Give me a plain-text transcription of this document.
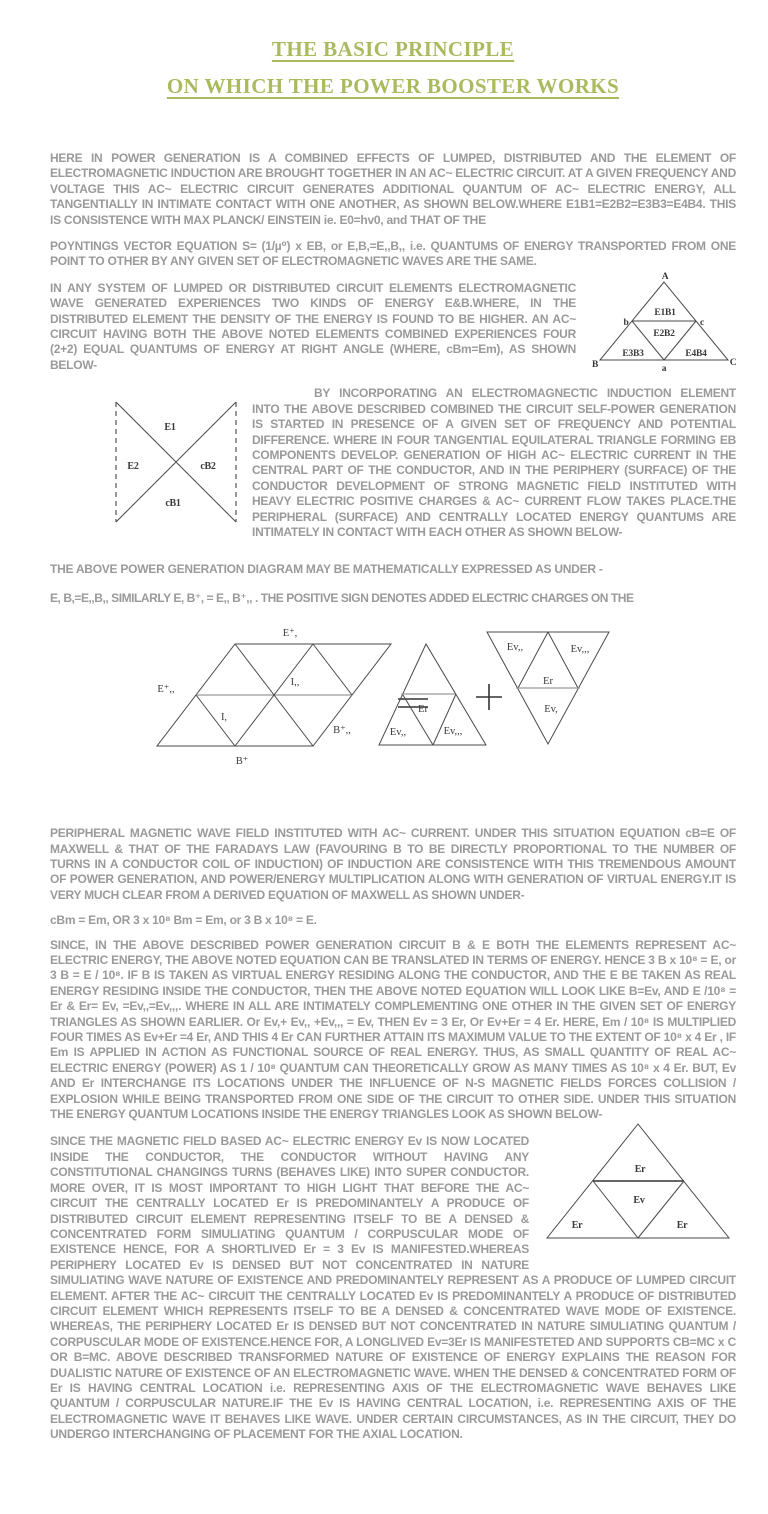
THE BASIC PRINCIPLE
ON WHICH THE POWER BOOSTER WORKS

HERE IN POWER GENERATION IS A COMBINED EFFECTS OF LUMPED, DISTRIBUTED AND THE ELEMENT OF ELECTROMAGNETIC INDUCTION ARE BROUGHT TOGETHER IN AN AC~ ELECTRIC CIRCUIT. AT A GIVEN FREQUENCY AND VOLTAGE THIS AC~ ELECTRIC CIRCUIT GENERATES ADDITIONAL QUANTUM OF AC~ ELECTRIC ENERGY, ALL TANGENTIALLY IN INTIMATE CONTACT WITH ONE ANOTHER, AS SHOWN BELOW.WHERE E1B1=E2B2=E3B3=E4B4. THIS IS CONSISTENCE WITH MAX PLANCK/ EINSTEIN ie. E0=hv0, and THAT OF THE

POYNTINGS VECTOR EQUATION S= (1/µ⁰) x EB, or E,B,=E,,B,, i.e. QUANTUMS OF ENERGY TRANSPORTED FROM ONE POINT TO OTHER BY ANY GIVEN SET OF ELECTROMAGNETIC WAVES ARE THE SAME.

A
B	C
b	c
a
E1B1
E2B2
E3B3	E4B4
IN ANY SYSTEM OF LUMPED OR DISTRIBUTED CIRCUIT ELEMENTS ELECTROMAGNETIC WAVE GENERATED EXPERIENCES TWO KINDS OF ENERGY E&B.WHERE, IN THE DISTRIBUTED ELEMENT THE DENSITY OF THE ENERGY IS FOUND TO BE HIGHER. AN AC~ CIRCUIT HAVING BOTH THE ABOVE NOTED ELEMENTS COMBINED EXPERIENCES FOUR (2+2) EQUAL QUANTUMS OF ENERGY AT RIGHT ANGLE (WHERE, cBm=Em), AS SHOWN BELOW-

E1
E2	cB2
cB1
BY INCORPORATING AN ELECTROMAGNECTIC INDUCTION ELEMENT INTO THE ABOVE DESCRIBED COMBINED THE CIRCUIT SELF-POWER GENERATION IS STARTED IN PRESENCE OF A GIVEN SET OF FREQUENCY AND POTENTIAL DIFFERENCE. WHERE IN FOUR TANGENTIAL EQUILATERAL TRIANGLE FORMING EB COMPONENTS DEVELOP. GENERATION OF HIGH AC~ ELECTRIC CURRENT IN THE CENTRAL PART OF THE CONDUCTOR, AND IN THE PERIPHERY (SURFACE) OF THE CONDUCTOR DEVELOPMENT OF STRONG MAGNETIC FIELD INSTITUTED WITH HEAVY ELECTRIC POSITIVE CHARGES & AC~ CURRENT FLOW TAKES PLACE.THE PERIPHERAL (SURFACE) AND CENTRALLY LOCATED ENERGY QUANTUMS ARE INTIMATELY IN CONTACT WITH EACH OTHER AS SHOWN BELOW-

THE ABOVE POWER GENERATION DIAGRAM MAY BE MATHEMATICALLY EXPRESSED AS UNDER -

E, B,=E,,B,, SIMILARLY E, B⁺, = E,, B⁺,, . THE POSITIVE SIGN DENOTES ADDED ELECTRIC CHARGES ON THE

E⁺,
E⁺,,
I,,
I,
B⁺
B⁺,,
Er
Ev,,	Ev,,,
Ev,,	Ev,,,
Er
Ev,

PERIPHERAL MAGNETIC WAVE FIELD INSTITUTED WITH AC~ CURRENT. UNDER THIS SITUATION EQUATION cB=E OF MAXWELL & THAT OF THE FARADAYS LAW (FAVOURING B TO BE DIRECTLY PROPORTIONAL TO THE NUMBER OF TURNS IN A CONDUCTOR COIL OF INDUCTION) OF INDUCTION ARE CONSISTENCE WITH THIS TREMENDOUS AMOUNT OF POWER GENERATION, AND POWER/ENERGY MULTIPLICATION ALONG WITH GENERATION OF VIRTUAL ENERGY.IT IS VERY MUCH CLEAR FROM A DERIVED EQUATION OF MAXWELL AS SHOWN UNDER-

cBm = Em, OR 3 x 10⁸ Bm = Em, or 3 B x 10⁸ = E.

SINCE, IN THE ABOVE DESCRIBED POWER GENERATION CIRCUIT B & E BOTH THE ELEMENTS REPRESENT AC~ ELECTRIC ENERGY, THE ABOVE NOTED EQUATION CAN BE TRANSLATED IN TERMS OF ENERGY. HENCE 3 B x 10⁸ = E, or 3 B = E / 10⁸. IF B IS TAKEN AS VIRTUAL ENERGY RESIDING ALONG THE CONDUCTOR, AND THE E BE TAKEN AS REAL ENERGY RESIDING INSIDE THE CONDUCTOR, THEN THE ABOVE NOTED EQUATION WILL LOOK LIKE B=Ev, AND E /10⁸ = Er & Er= Ev, =Ev,,=Ev,,,. WHERE IN ALL ARE INTIMATELY COMPLEMENTING ONE OTHER IN THE GIVEN SET OF ENERGY TRIANGLES AS SHOWN EARLIER. Or Ev,+ Ev,, +Ev,,, = Ev, THEN Ev = 3 Er, Or Ev+Er = 4 Er. HERE, Em / 10⁸ IS MULTIPLIED FOUR TIMES AS Ev+Er =4 Er, AND THIS 4 Er CAN FURTHER ATTAIN ITS MAXIMUM VALUE TO THE EXTENT OF 10⁸ x 4 Er , IF Em IS APPLIED IN ACTION AS FUNCTIONAL SOURCE OF REAL ENERGY. THUS, AS SMALL QUANTITY OF REAL AC~ ELECTRIC ENERGY (POWER) AS 1 / 10⁸ QUANTUM CAN THEORETICALLY GROW AS MANY TIMES AS 10⁸ x 4 Er. BUT, Ev AND Er INTERCHANGE ITS LOCATIONS UNDER THE INFLUENCE OF N-S MAGNETIC FIELDS FORCES COLLISION / EXPLOSION WHILE BEING TRANSPORTED FROM ONE SIDE OF THE CIRCUIT TO OTHER SIDE. UNDER THIS SITUATION THE ENERGY QUANTUM LOCATIONS INSIDE THE ENERGY TRIANGLES LOOK AS SHOWN BELOW-

Er
Ev
Er	Er
SINCE THE MAGNETIC FIELD BASED AC~ ELECTRIC ENERGY Ev IS NOW LOCATED INSIDE THE CONDUCTOR, THE CONDUCTOR WITHOUT HAVING ANY CONSTITUTIONAL CHANGINGS TURNS (BEHAVES LIKE) INTO SUPER CONDUCTOR. MORE OVER, IT IS MOST IMPORTANT TO HIGH LIGHT THAT BEFORE THE AC~ CIRCUIT THE CENTRALLY LOCATED Er IS PREDOMINANTELY A PRODUCE OF DISTRIBUTED CIRCUIT ELEMENT REPRESENTING ITSELF TO BE A DENSED & CONCENTRATED FORM SIMULIATING QUANTUM / CORPUSCULAR MODE OF EXISTENCE HENCE, FOR A SHORTLIVED Er = 3 Ev IS MANIFESTED.WHEREAS PERIPHERY LOCATED Ev IS DENSED BUT NOT CONCENTRATED IN NATURE SIMULIATING WAVE NATURE OF EXISTENCE AND PREDOMINANTELY REPRESENT AS A PRODUCE OF LUMPED CIRCUIT ELEMENT. AFTER THE AC~ CIRCUIT THE CENTRALLY LOCATED Ev IS PREDOMINANTELY A PRODUCE OF DISTRIBUTED CIRCUIT ELEMENT WHICH REPRESENTS ITSELF TO BE A DENSED & CONCENTRATED WAVE MODE OF EXISTENCE. WHEREAS, THE PERIPHERY LOCATED Er IS DENSED BUT NOT CONCENTRATED IN NATURE SIMULIATING QUANTUM / CORPUSCULAR MODE OF EXISTENCE.HENCE FOR, A LONGLIVED Ev=3Er IS MANIFESTETED AND SUPPORTS CB=MC x C OR B=MC. ABOVE DESCRIBED TRANSFORMED NATURE OF EXISTENCE OF ENERGY EXPLAINS THE REASON FOR DUALISTIC NATURE OF EXISTENCE OF AN ELECTROMAGNETIC WAVE. WHEN THE DENSED & CONCENTRATED FORM OF Er IS HAVING CENTRAL LOCATION i.e. REPRESENTING AXIS OF THE ELECTROMAGNETIC WAVE BEHAVES LIKE QUANTUM / CORPUSCULAR NATURE.IF THE Ev IS HAVING CENTRAL LOCATION, i.e. REPRESENTING AXIS OF THE ELECTROMAGNETIC WAVE IT BEHAVES LIKE WAVE. UNDER CERTAIN CIRCUMSTANCES, AS IN THE CIRCUIT, THEY DO UNDERGO INTERCHANGING OF PLACEMENT FOR THE AXIAL LOCATION.
